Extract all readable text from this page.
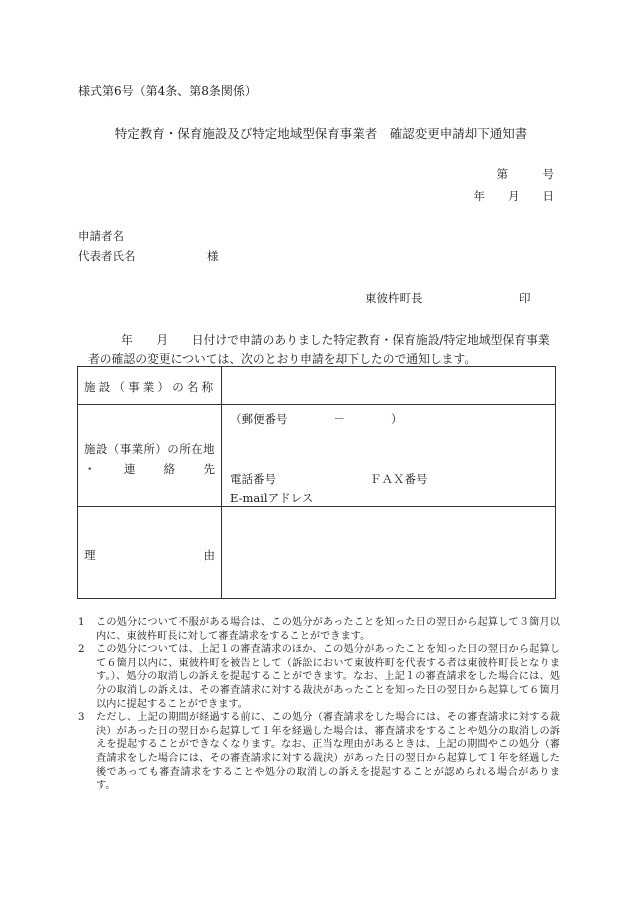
様式第6号（第4条、第8条関係）
特定教育・保育施設及び特定地域型保育事業者　確認変更申請却下通知書
第　　　号
年　　月　　日
申請者名
代表者氏名	様
東彼杵町長	印
年　　月　　日付けで申請のありました特定教育・保育施設/特定地域型保育事業
者の確認の変更については、次のとおり申請を却下したので通知します。
施設（事業）の名称	

施設（事業所）の所在地
・ 連 絡 先	（郵便番号　　　　－　　　　）
電話番号 ＦＡＸ番号
E-mailアドレス

理 由	

1	この処分について不服がある場合は、この処分があったことを知った日の翌日から起算して３箇月以内に、東彼杵町長に対して審査請求をすることができます。
2	この処分については、上記１の審査請求のほか、この処分があったことを知った日の翌日から起算して６箇月以内に、東彼杵町を被告として（訴訟において東彼杵町を代表する者は東彼杵町長となります。）、処分の取消しの訴えを提起することができます。なお、上記１の審査請求をした場合には、処分の取消しの訴えは、その審査請求に対する裁決があったことを知った日の翌日から起算して６箇月以内に提起することができます。
3	ただし、上記の期間が経過する前に、この処分（審査請求をした場合には、その審査請求に対する裁決）があった日の翌日から起算して１年を経過した場合は、審査請求をすることや処分の取消しの訴えを提起することができなくなります。なお、正当な理由があるときは、上記の期間やこの処分（審査請求をした場合には、その審査請求に対する裁決）があった日の翌日から起算して１年を経過した後であっても審査請求をすることや処分の取消しの訴えを提起することが認められる場合があります。
